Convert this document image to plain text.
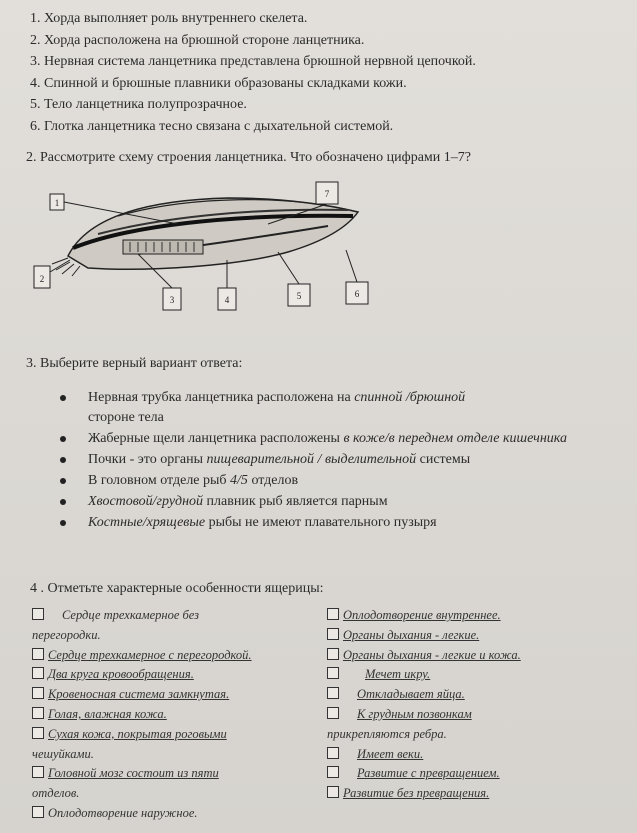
1. Хорда выполняет роль внутреннего скелета.
2. Хорда расположена на брюшной стороне ланцетника.
3. Нервная система ланцетника представлена брюшной нервной цепочкой.
4. Спинной и брюшные плавники образованы складками кожи.
5. Тело ланцетника полупрозрачное.
6. Глотка ланцетника тесно связана с дыхательной системой.
2. Рассмотрите схему строения ланцетника. Что обозначено цифрами 1–7?
1
2
3	4	5	6
7
3. Выберите верный вариант ответа:
Нервная трубка ланцетника расположена на спинной /брюшной
стороне тела
Жаберные щели ланцетника расположены в коже/в переднем отделе кишечника
Почки - это органы пищеварительной / выделительной системы
В головном отделе рыб 4/5 отделов
Хвостовой/грудной плавник рыб является парным
Костные/хрящевые рыбы не имеют плавательного пузыря
4 . Отметьте характерные особенности ящерицы:
Сердце трехкамерное без
перегородки.
Сердце трехкамерное с перегородкой.
Два круга кровообращения.
Кровеносная система замкнутая.
Голая, влажная кожа.
Сухая кожа, покрытая роговыми
чешуйками.
Головной мозг состоит из пяти
отделов.
Оплодотворение наружное.
Оплодотворение внутреннее.
Органы дыхания - легкие.
Органы дыхания - легкие и кожа.
Мечет икру.
Откладывает яйца.
К грудным позвонкам
прикрепляются ребра.
Имеет веки.
Развитие с превращением.
Развитие без превращения.
